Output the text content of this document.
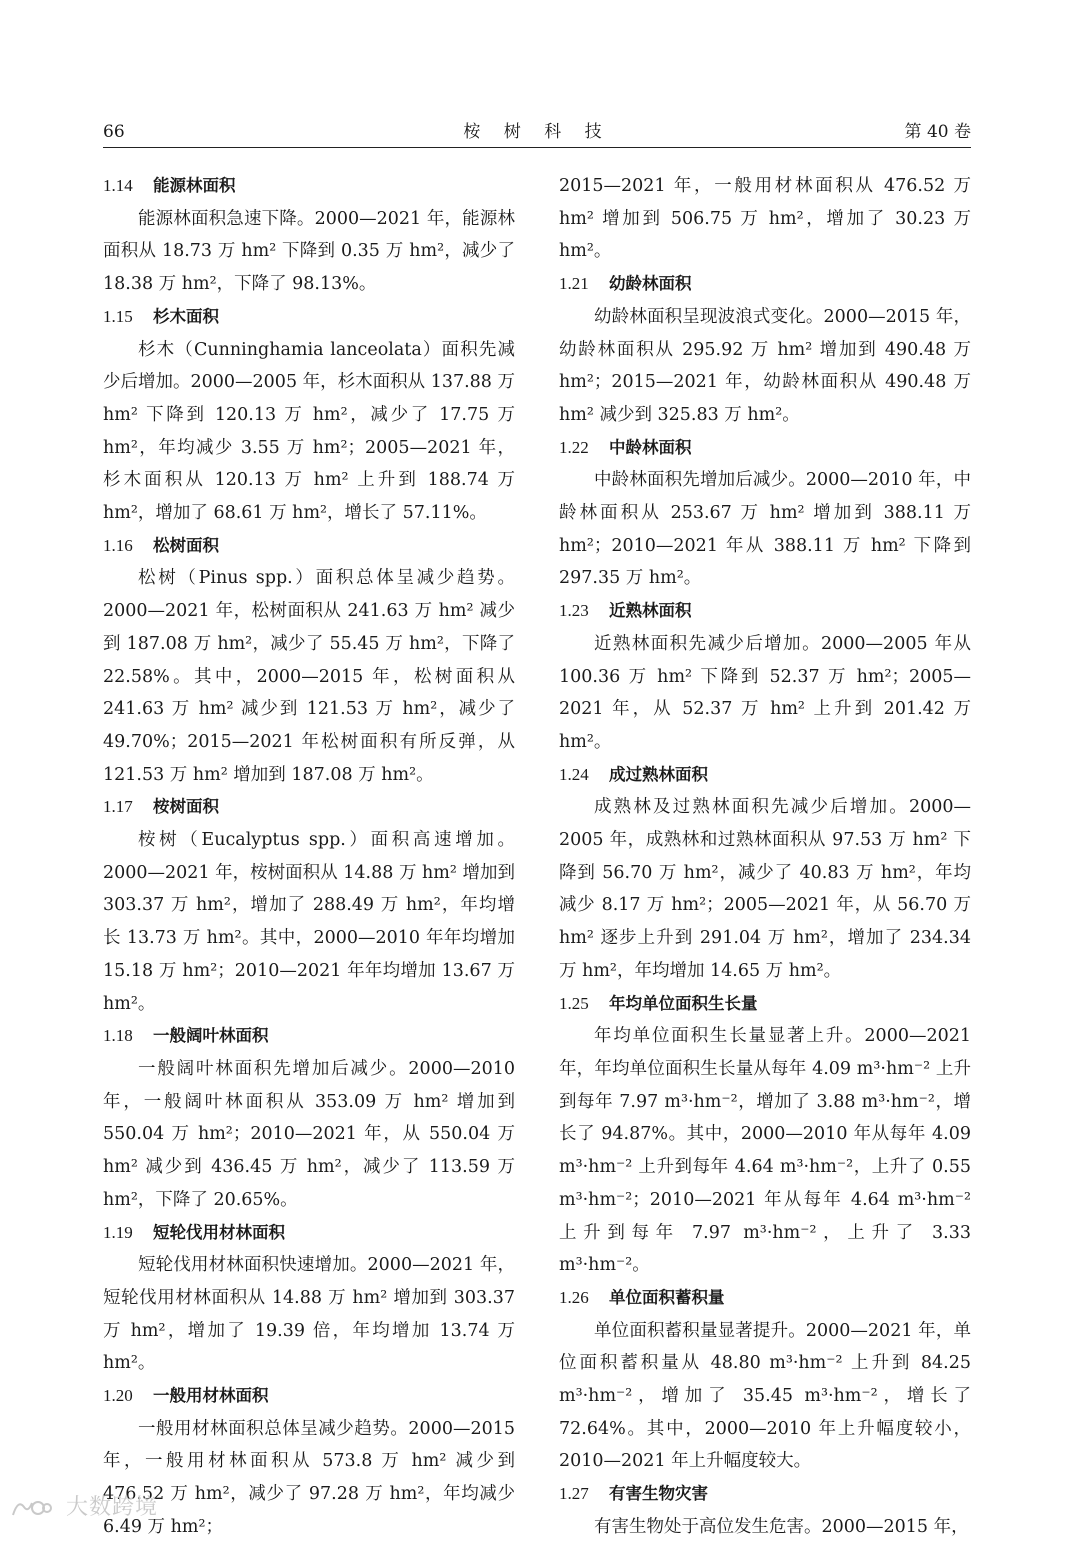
66	桉 树 科 技	第 40 卷
1.14 能源林面积
能源林面积急速下降。2000—2021 年，能源林面积从 18.73 万 hm² 下降到 0.35 万 hm²，减少了 18.38 万 hm²，下降了 98.13%。
1.15 杉木面积
杉木（Cunninghamia lanceolata）面积先减少后增加。2000—2005 年，杉木面积从 137.88 万 hm² 下降到 120.13 万 hm²，减少了 17.75 万 hm²，年均减少 3.55 万 hm²；2005—2021 年，杉木面积从 120.13 万 hm² 上升到 188.74 万 hm²，增加了 68.61 万 hm²，增长了 57.11%。
1.16 松树面积
松树（Pinus spp.）面积总体呈减少趋势。2000—2021 年，松树面积从 241.63 万 hm² 减少到 187.08 万 hm²，减少了 55.45 万 hm²，下降了 22.58%。其中，2000—2015 年，松树面积从 241.63 万 hm² 减少到 121.53 万 hm²，减少了 49.70%；2015—2021 年松树面积有所反弹，从 121.53 万 hm² 增加到 187.08 万 hm²。
1.17 桉树面积
桉树（Eucalyptus spp.）面积高速增加。2000—2021 年，桉树面积从 14.88 万 hm² 增加到 303.37 万 hm²，增加了 288.49 万 hm²，年均增长 13.73 万 hm²。其中，2000—2010 年年均增加 15.18 万 hm²；2010—2021 年年均增加 13.67 万 hm²。
1.18 一般阔叶林面积
一般阔叶林面积先增加后减少。2000—2010 年，一般阔叶林面积从 353.09 万 hm² 增加到 550.04 万 hm²；2010—2021 年，从 550.04 万 hm² 减少到 436.45 万 hm²，减少了 113.59 万 hm²，下降了 20.65%。
1.19 短轮伐用材林面积
短轮伐用材林面积快速增加。2000—2021 年，短轮伐用材林面积从 14.88 万 hm² 增加到 303.37 万 hm²，增加了 19.39 倍，年均增加 13.74 万 hm²。
1.20 一般用材林面积
一般用材林面积总体呈减少趋势。2000—2015 年，一般用材林面积从 573.8 万 hm² 减少到 476.52 万 hm²，减少了 97.28 万 hm²，年均减少 6.49 万 hm²；
2015—2021 年，一般用材林面积从 476.52 万 hm² 增加到 506.75 万 hm²，增加了 30.23 万 hm²。
1.21 幼龄林面积
幼龄林面积呈现波浪式变化。2000—2015 年，幼龄林面积从 295.92 万 hm² 增加到 490.48 万 hm²；2015—2021 年，幼龄林面积从 490.48 万 hm² 减少到 325.83 万 hm²。
1.22 中龄林面积
中龄林面积先增加后减少。2000—2010 年，中龄林面积从 253.67 万 hm² 增加到 388.11 万 hm²；2010—2021 年从 388.11 万 hm² 下降到 297.35 万 hm²。
1.23 近熟林面积
近熟林面积先减少后增加。2000—2005 年从 100.36 万 hm² 下降到 52.37 万 hm²；2005—2021 年，从 52.37 万 hm² 上升到 201.42 万 hm²。
1.24 成过熟林面积
成熟林及过熟林面积先减少后增加。2000—2005 年，成熟林和过熟林面积从 97.53 万 hm² 下降到 56.70 万 hm²，减少了 40.83 万 hm²，年均减少 8.17 万 hm²；2005—2021 年，从 56.70 万 hm² 逐步上升到 291.04 万 hm²，增加了 234.34 万 hm²，年均增加 14.65 万 hm²。
1.25 年均单位面积生长量
年均单位面积生长量显著上升。2000—2021 年，年均单位面积生长量从每年 4.09 m³·hm⁻² 上升到每年 7.97 m³·hm⁻²，增加了 3.88 m³·hm⁻²，增长了 94.87%。其中，2000—2010 年从每年 4.09 m³·hm⁻² 上升到每年 4.64 m³·hm⁻²，上升了 0.55 m³·hm⁻²；2010—2021 年从每年 4.64 m³·hm⁻² 上升到每年 7.97 m³·hm⁻²，上升了 3.33 m³·hm⁻²。
1.26 单位面积蓄积量
单位面积蓄积量显著提升。2000—2021 年，单位面积蓄积量从 48.80 m³·hm⁻² 上升到 84.25 m³·hm⁻²，增加了 35.45 m³·hm⁻²，增长了 72.64%。其中，2000—2010 年上升幅度较小，2010—2021 年上升幅度较大。
1.27 有害生物灾害
有害生物处于高位发生危害。2000—2015 年，
大数跨境
